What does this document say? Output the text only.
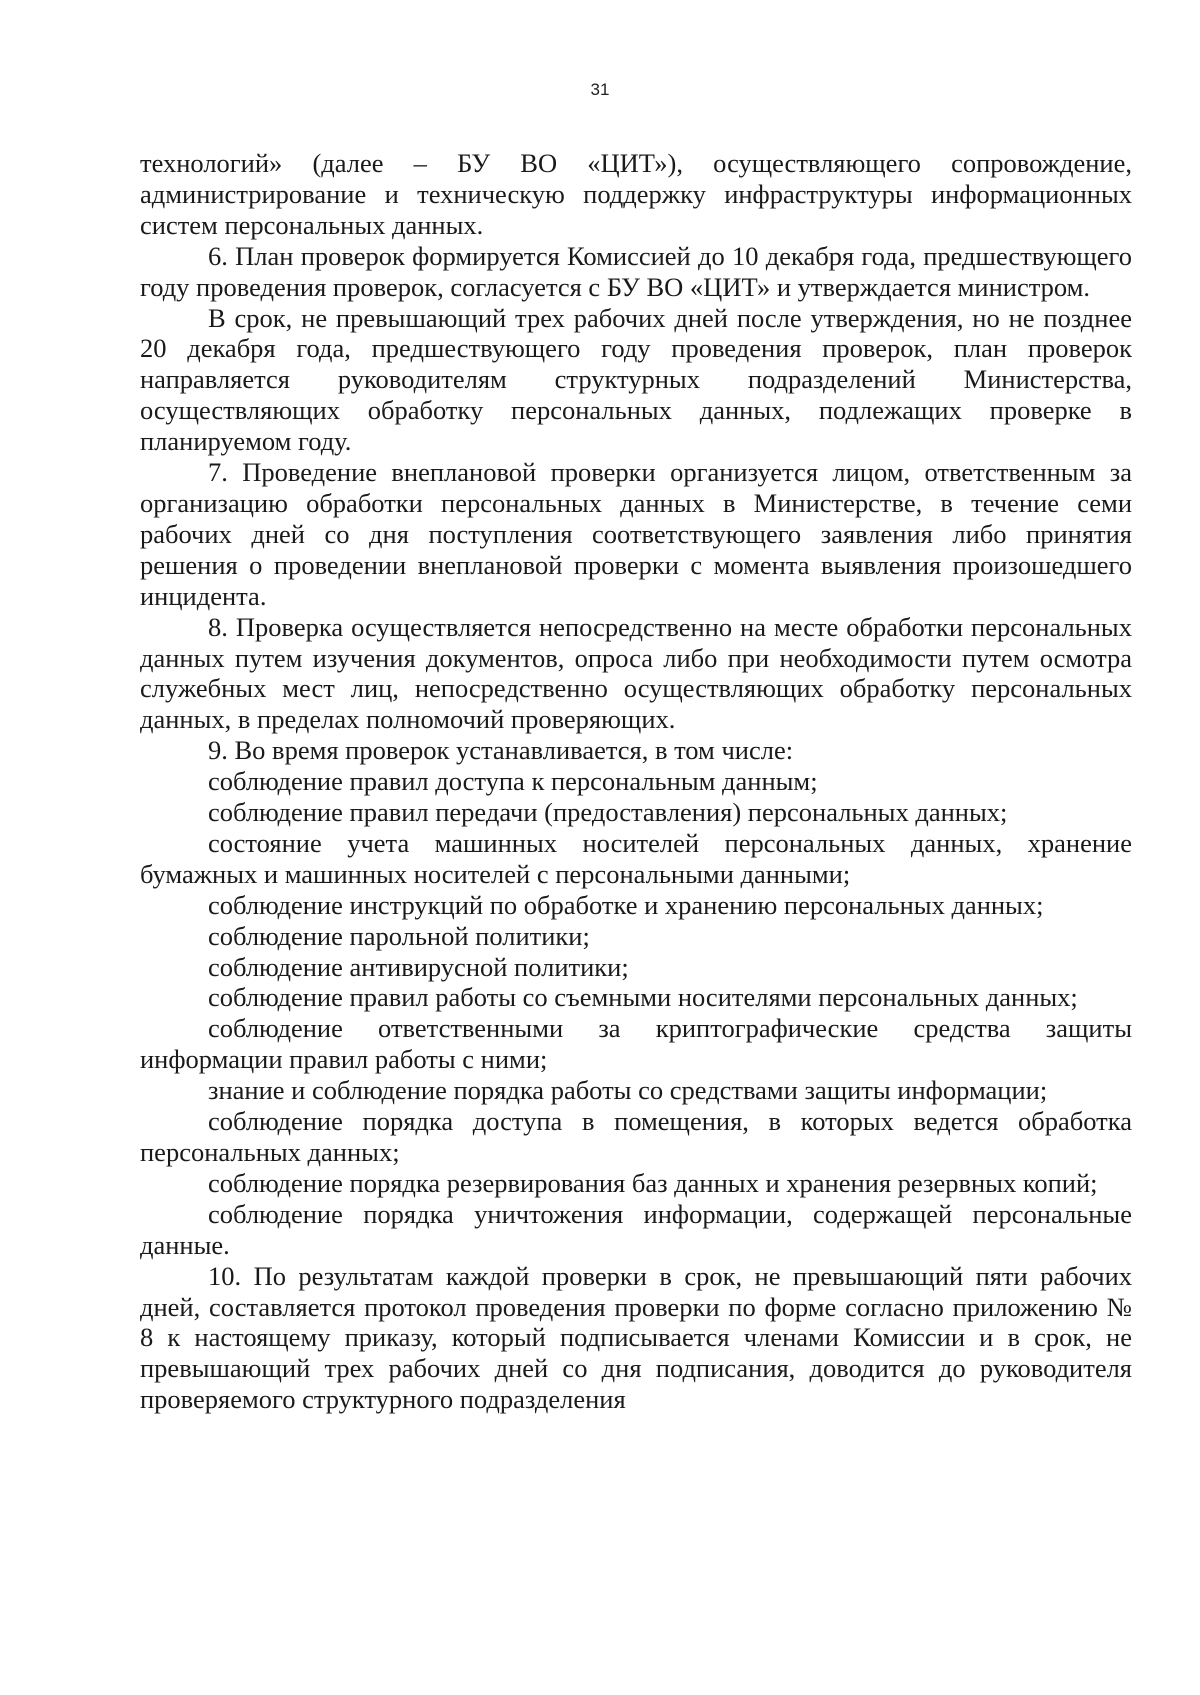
31

технологий» (далее – БУ ВО «ЦИТ»), осуществляющего сопровождение, администрирование и техническую поддержку инфраструктуры информационных систем персональных данных.

6. План проверок формируется Комиссией до 10 декабря года, предшествующего году проведения проверок, согласуется с БУ ВО «ЦИТ» и утверждается министром.

В срок, не превышающий трех рабочих дней после утверждения, но не позднее 20 декабря года, предшествующего году проведения проверок, план проверок направляется руководителям структурных подразделений Министерства, осуществляющих обработку персональных данных, подлежащих проверке в планируемом году.

7. Проведение внеплановой проверки организуется лицом, ответственным за организацию обработки персональных данных в Министерстве, в течение семи рабочих дней со дня поступления соответствующего заявления либо принятия решения о проведении внеплановой проверки с момента выявления произошедшего инцидента.

8. Проверка осуществляется непосредственно на месте обработки персональных данных путем изучения документов, опроса либо при необходимости путем осмотра служебных мест лиц, непосредственно осуществляющих обработку персональных данных, в пределах полномочий проверяющих.

9. Во время проверок устанавливается, в том числе:

соблюдение правил доступа к персональным данным;

соблюдение правил передачи (предоставления) персональных данных;

состояние учета машинных носителей персональных данных, хранение бумажных и машинных носителей с персональными данными;

соблюдение инструкций по обработке и хранению персональных данных;

соблюдение парольной политики;

соблюдение антивирусной политики;

соблюдение правил работы со съемными носителями персональных данных;

соблюдение ответственными за криптографические средства защиты информации правил работы с ними;

знание и соблюдение порядка работы со средствами защиты информации;

соблюдение порядка доступа в помещения, в которых ведется обработка персональных данных;

соблюдение порядка резервирования баз данных и хранения резервных копий;

соблюдение порядка уничтожения информации, содержащей персональные данные.

10. По результатам каждой проверки в срок, не превышающий пяти рабочих дней, составляется протокол проведения проверки по форме согласно приложению № 8 к настоящему приказу, который подписывается членами Комиссии и в срок, не превышающий трех рабочих дней со дня подписания, доводится до руководителя проверяемого структурного подразделения
